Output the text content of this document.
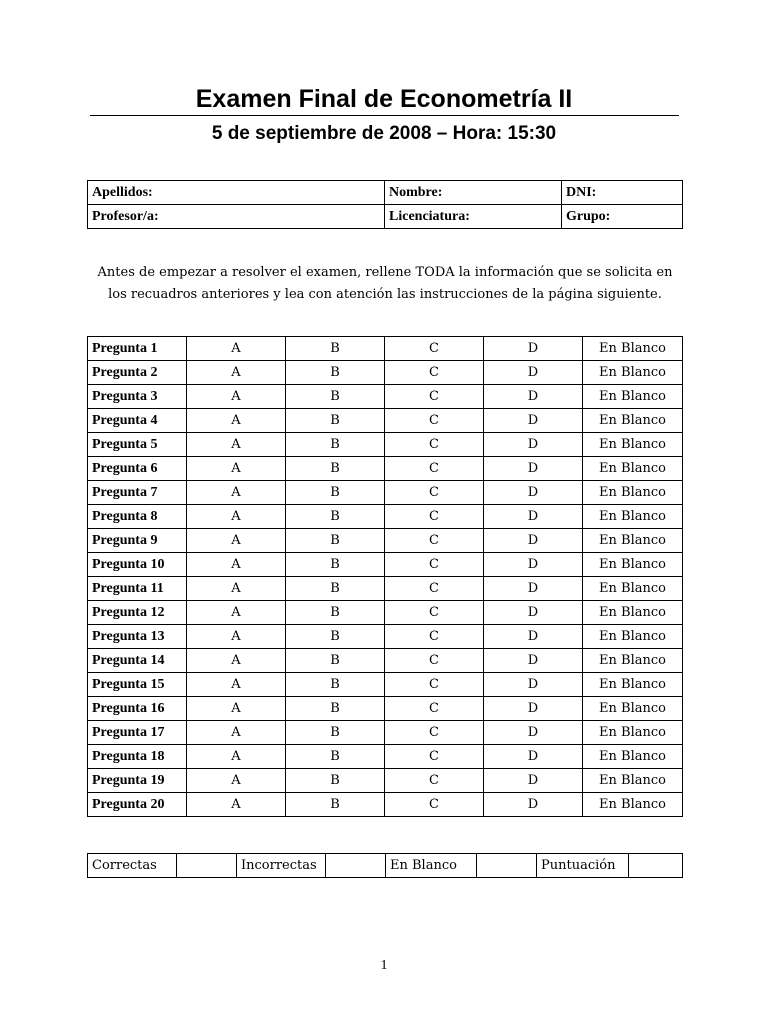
Examen Final de Econometría II
5 de septiembre de 2008 – Hora: 15:30
Apellidos:	Nombre:	DNI:
Profesor/a:	Licenciatura:	Grupo:
Antes de empezar a resolver el examen, rellene TODA la información que se solicita en
los recuadros anteriores y lea con atención las instrucciones de la página siguiente.
Pregunta 1	A	B	C	D	En Blanco
Pregunta 2	A	B	C	D	En Blanco
Pregunta 3	A	B	C	D	En Blanco
Pregunta 4	A	B	C	D	En Blanco
Pregunta 5	A	B	C	D	En Blanco
Pregunta 6	A	B	C	D	En Blanco
Pregunta 7	A	B	C	D	En Blanco
Pregunta 8	A	B	C	D	En Blanco
Pregunta 9	A	B	C	D	En Blanco
Pregunta 10	A	B	C	D	En Blanco
Pregunta 11	A	B	C	D	En Blanco
Pregunta 12	A	B	C	D	En Blanco
Pregunta 13	A	B	C	D	En Blanco
Pregunta 14	A	B	C	D	En Blanco
Pregunta 15	A	B	C	D	En Blanco
Pregunta 16	A	B	C	D	En Blanco
Pregunta 17	A	B	C	D	En Blanco
Pregunta 18	A	B	C	D	En Blanco
Pregunta 19	A	B	C	D	En Blanco
Pregunta 20	A	B	C	D	En Blanco
Correctas		Incorrectas		En Blanco		Puntuación	
1
